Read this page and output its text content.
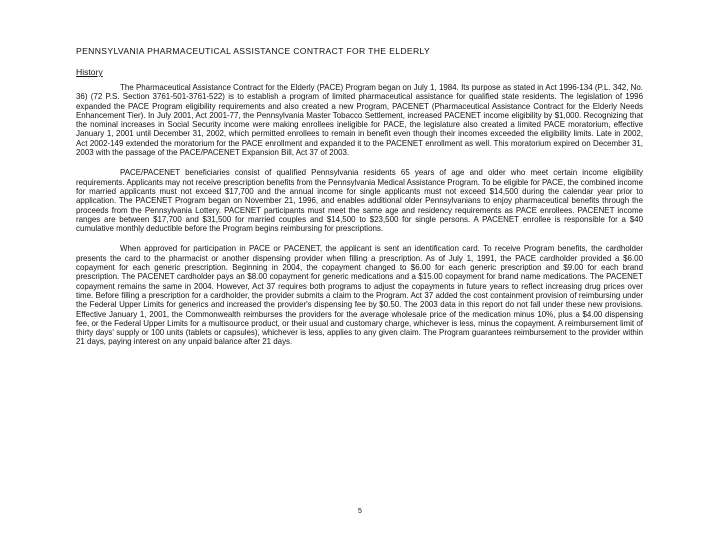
PENNSYLVANIA PHARMACEUTICAL ASSISTANCE CONTRACT FOR THE ELDERLY
History

The Pharmaceutical Assistance Contract for the Elderly (PACE) Program began on July 1, 1984. Its purpose as stated in Act 1996-134 (P.L. 342, No. 36) (72 P.S. Section 3761-501-3761-522) is to establish a program of limited pharmaceutical assistance for qualified state residents. The legislation of 1996 expanded the PACE Program eligibility requirements and also created a new Program, PACENET (Pharmaceutical Assistance Contract for the Elderly Needs Enhancement Tier). In July 2001, Act 2001-77, the Pennsylvania Master Tobacco Settlement, increased PACENET income eligibility by $1,000. Recognizing that the nominal increases in Social Security income were making enrollees ineligible for PACE, the legislature also created a limited PACE moratorium, effective January 1, 2001 until December 31, 2002, which permitted enrollees to remain in benefit even though their incomes exceeded the eligibility limits. Late in 2002, Act 2002-149 extended the moratorium for the PACE enrollment and expanded it to the PACENET enrollment as well. This moratorium expired on December 31, 2003 with the passage of the PACE/PACENET Expansion Bill, Act 37 of 2003.

PACE/PACENET beneficiaries consist of qualified Pennsylvania residents 65 years of age and older who meet certain income eligibility requirements. Applicants may not receive prescription benefits from the Pennsylvania Medical Assistance Program. To be eligible for PACE, the combined income for married applicants must not exceed $17,700 and the annual income for single applicants must not exceed $14,500 during the calendar year prior to application. The PACENET Program began on November 21, 1996, and enables additional older Pennsylvanians to enjoy pharmaceutical benefits through the proceeds from the Pennsylvania Lottery. PACENET participants must meet the same age and residency requirements as PACE enrollees. PACENET income ranges are between $17,700 and $31,500 for married couples and $14,500 to $23,500 for single persons. A PACENET enrollee is responsible for a $40 cumulative monthly deductible before the Program begins reimbursing for prescriptions.

When approved for participation in PACE or PACENET, the applicant is sent an identification card. To receive Program benefits, the cardholder presents the card to the pharmacist or another dispensing provider when filling a prescription. As of July 1, 1991, the PACE cardholder provided a $6.00 copayment for each generic prescription. Beginning in 2004, the copayment changed to $6.00 for each generic prescription and $9.00 for each brand prescription. The PACENET cardholder pays an $8.00 copayment for generic medications and a $15.00 copayment for brand name medications. The PACENET copayment remains the same in 2004. However, Act 37 requires both programs to adjust the copayments in future years to reflect increasing drug prices over time. Before filling a prescription for a cardholder, the provider submits a claim to the Program. Act 37 added the cost containment provision of reimbursing under the Federal Upper Limits for generics and increased the provider's dispensing fee by $0.50. The 2003 data in this report do not fall under these new provisions. Effective January 1, 2001, the Commonwealth reimburses the providers for the average wholesale price of the medication minus 10%, plus a $4.00 dispensing fee, or the Federal Upper Limits for a multisource product, or their usual and customary charge, whichever is less, minus the copayment. A reimbursement limit of thirty days' supply or 100 units (tablets or capsules), whichever is less, applies to any given claim. The Program guarantees reimbursement to the provider within 21 days, paying interest on any unpaid balance after 21 days.

5
